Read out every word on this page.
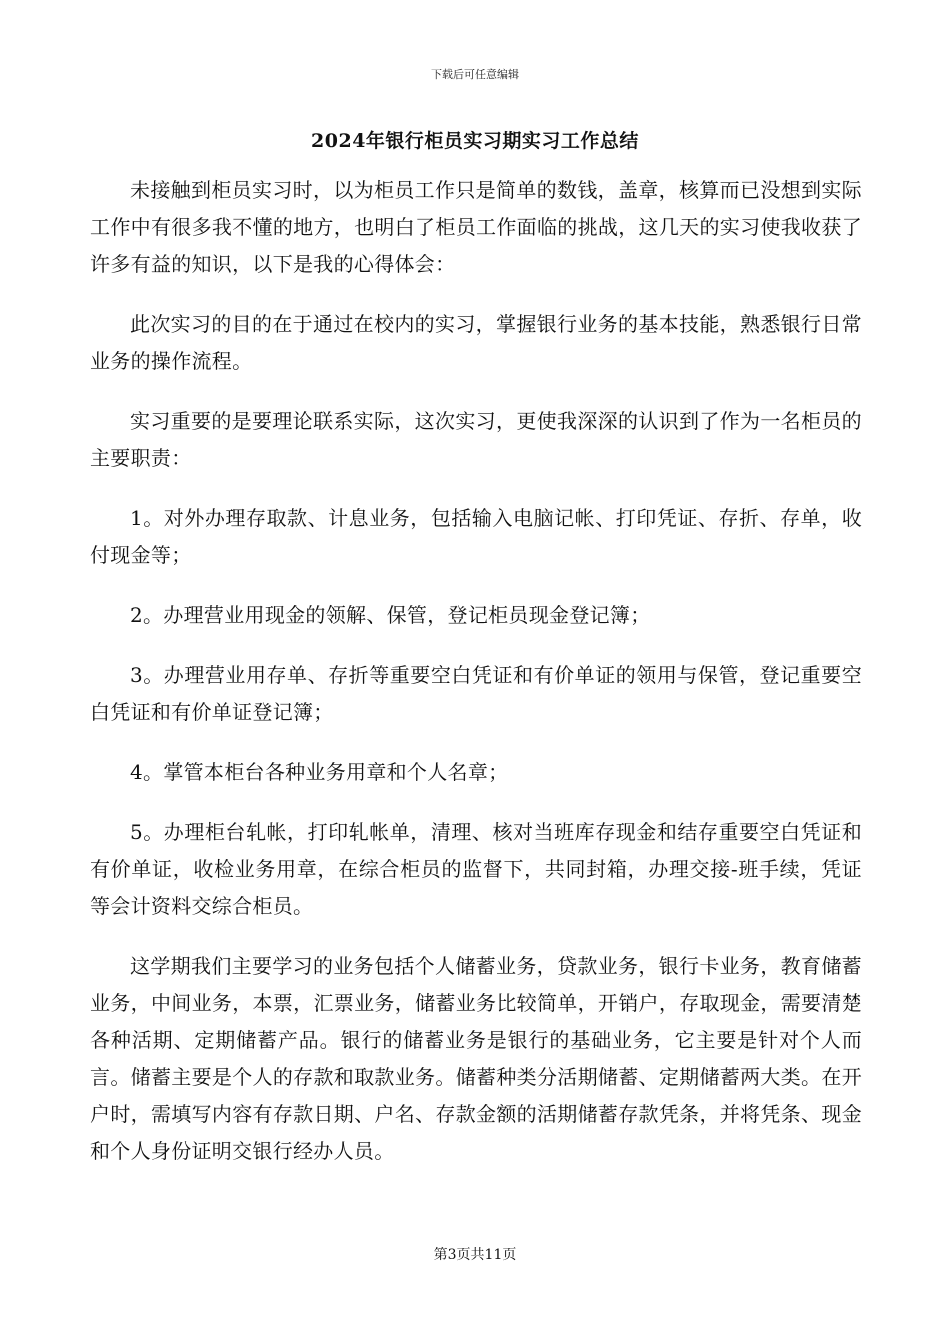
下载后可任意编辑
2024年银行柜员实习期实习工作总结

未接触到柜员实习时，以为柜员工作只是简单的数钱，盖章，核算而已没想到实际工作中有很多我不懂的地方，也明白了柜员工作面临的挑战，这几天的实习使我收获了许多有益的知识，以下是我的心得体会：

此次实习的目的在于通过在校内的实习，掌握银行业务的基本技能，熟悉银行日常业务的操作流程。

实习重要的是要理论联系实际，这次实习，更使我深深的认识到了作为一名柜员的主要职责：

1。对外办理存取款、计息业务，包括输入电脑记帐、打印凭证、存折、存单，收付现金等；

2。办理营业用现金的领解、保管，登记柜员现金登记簿；

3。办理营业用存单、存折等重要空白凭证和有价单证的领用与保管，登记重要空白凭证和有价单证登记簿；

4。掌管本柜台各种业务用章和个人名章；

5。办理柜台轧帐，打印轧帐单，清理、核对当班库存现金和结存重要空白凭证和有价单证，收检业务用章，在综合柜员的监督下，共同封箱，办理交接-班手续，凭证等会计资料交综合柜员。

这学期我们主要学习的业务包括个人储蓄业务，贷款业务，银行卡业务，教育储蓄业务，中间业务，本票，汇票业务，储蓄业务比较简单，开销户，存取现金，需要清楚各种活期、定期储蓄产品。银行的储蓄业务是银行的基础业务，它主要是针对个人而言。储蓄主要是个人的存款和取款业务。储蓄种类分活期储蓄、定期储蓄两大类。在开户时，需填写内容有存款日期、户名、存款金额的活期储蓄存款凭条，并将凭条、现金和个人身份证明交银行经办人员。

第3页共11页
